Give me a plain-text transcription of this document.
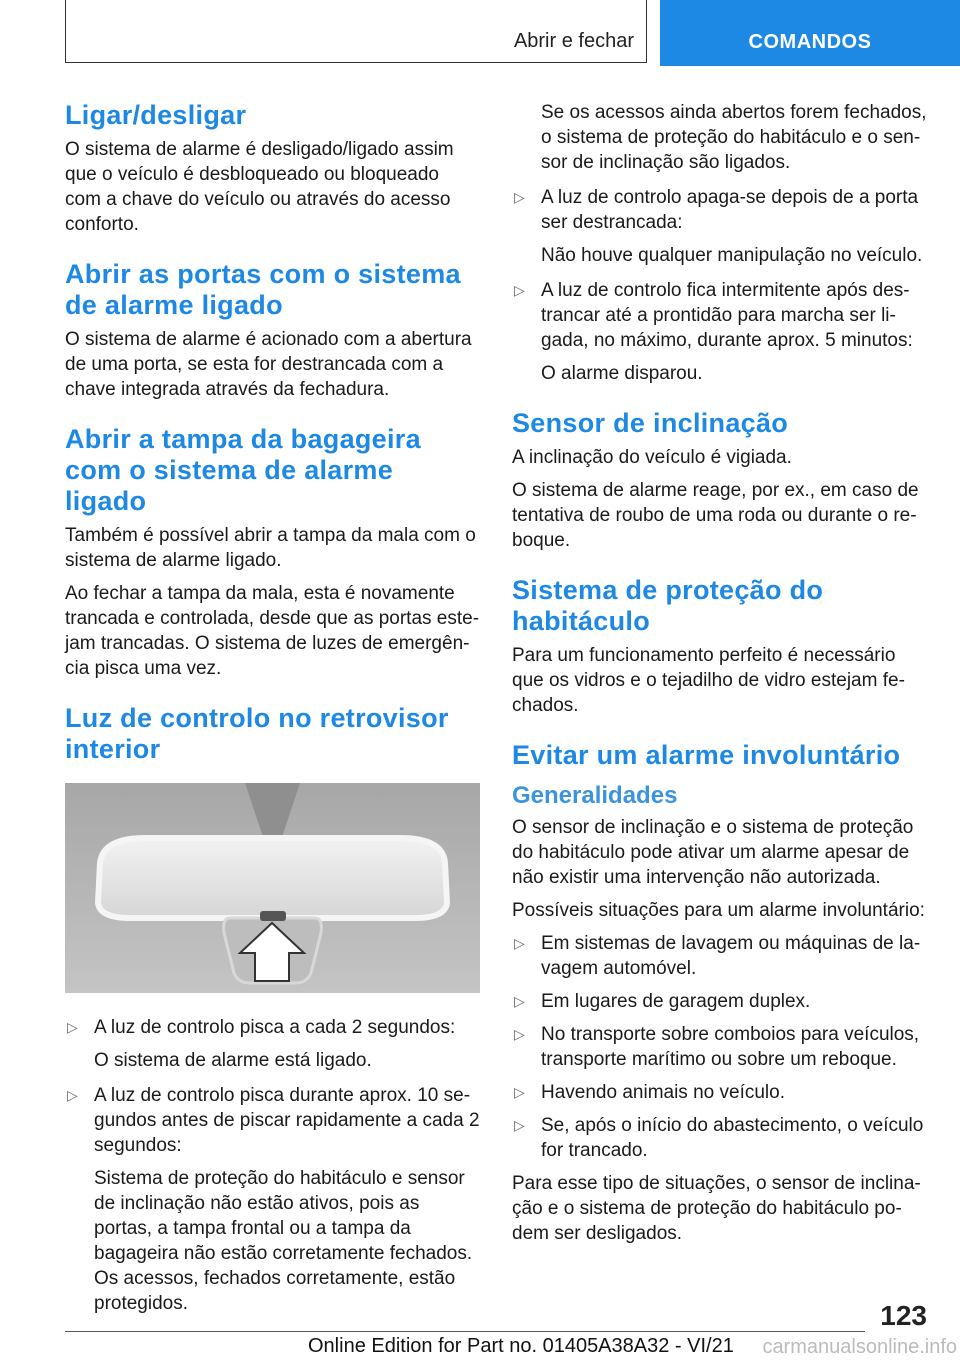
Abrir e fechar	COMANDOS
Ligar/desligar

O sistema de alarme é desligado/ligado assim que o veículo é desbloqueado ou bloqueado com a chave do veículo ou através do acesso conforto.

Abrir as portas com o sistema de alarme ligado

O sistema de alarme é acionado com a abertura de uma porta, se esta for destrancada com a chave integrada através da fechadura.

Abrir a tampa da bagageira com o sistema de alarme ligado

Também é possível abrir a tampa da mala com o sistema de alarme ligado.

Ao fechar a tampa da mala, esta é novamente trancada e controlada, desde que as portas estejam trancadas. O sistema de luzes de emergência pisca uma vez.

Luz de controlo no retrovisor interior
▷ A luz de controlo pisca a cada 2 segundos:
O sistema de alarme está ligado.
▷ A luz de controlo pisca durante aprox. 10 segundos antes de piscar rapidamente a cada 2 segundos:
Sistema de proteção do habitáculo e sensor de inclinação não estão ativos, pois as portas, a tampa frontal ou a tampa da bagageira não estão corretamente fechados. Os acessos, fechados corretamente, estão protegidos.
Se os acessos ainda abertos forem fechados, o sistema de proteção do habitáculo e o sensor de inclinação são ligados.
▷ A luz de controlo apaga-se depois de a porta ser destrancada:
Não houve qualquer manipulação no veículo.
▷ A luz de controlo fica intermitente após destrancar até a prontidão para marcha ser ligada, no máximo, durante aprox. 5 minutos:
O alarme disparou.
Sensor de inclinação

A inclinação do veículo é vigiada.

O sistema de alarme reage, por ex., em caso de tentativa de roubo de uma roda ou durante o reboque.

Sistema de proteção do habitáculo

Para um funcionamento perfeito é necessário que os vidros e o tejadilho de vidro estejam fechados.

Evitar um alarme involuntário
Generalidades

O sensor de inclinação e o sistema de proteção do habitáculo pode ativar um alarme apesar de não existir uma intervenção não autorizada.

Possíveis situações para um alarme involuntário:

▷ Em sistemas de lavagem ou máquinas de lavagem automóvel.
▷ Em lugares de garagem duplex.
▷ No transporte sobre comboios para veículos, transporte marítimo ou sobre um reboque.
▷ Havendo animais no veículo.
▷ Se, após o início do abastecimento, o veículo for trancado.

Para esse tipo de situações, o sensor de inclinação e o sistema de proteção do habitáculo podem ser desligados.

123
Online Edition for Part no. 01405A38A32 - VI/21 carmanualsonline.info
